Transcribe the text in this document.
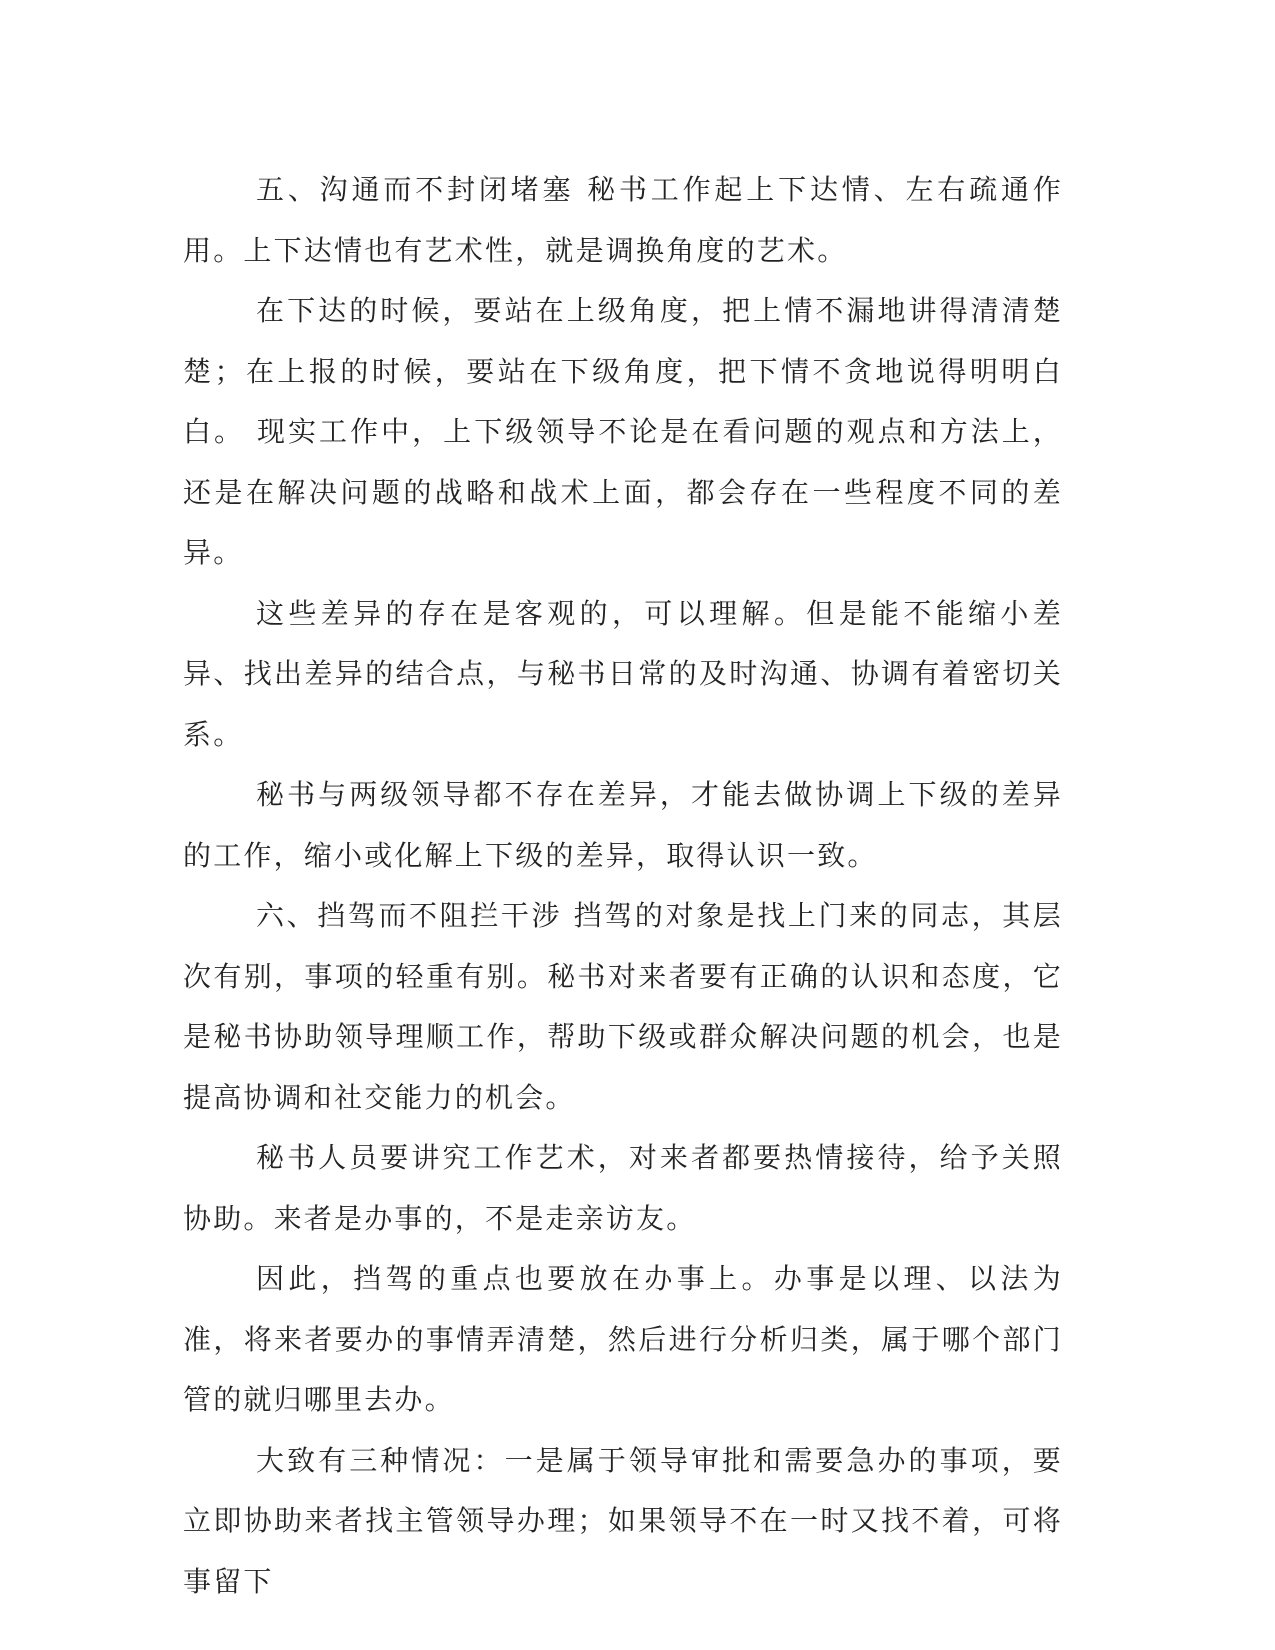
五、沟通而不封闭堵塞 秘书工作起上下达情、左右疏通作用。上下达情也有艺术性，就是调换角度的艺术。

在下达的时候，要站在上级角度，把上情不漏地讲得清清楚楚；在上报的时候，要站在下级角度，把下情不贪地说得明明白白。 现实工作中，上下级领导不论是在看问题的观点和方法上，还是在解决问题的战略和战术上面，都会存在一些程度不同的差异。

这些差异的存在是客观的，可以理解。但是能不能缩小差异、找出差异的结合点，与秘书日常的及时沟通、协调有着密切关系。

秘书与两级领导都不存在差异，才能去做协调上下级的差异的工作，缩小或化解上下级的差异，取得认识一致。

六、挡驾而不阻拦干涉 挡驾的对象是找上门来的同志，其层次有别，事项的轻重有别。秘书对来者要有正确的认识和态度，它是秘书协助领导理顺工作，帮助下级或群众解决问题的机会，也是提高协调和社交能力的机会。

秘书人员要讲究工作艺术，对来者都要热情接待，给予关照协助。来者是办事的，不是走亲访友。

因此，挡驾的重点也要放在办事上。办事是以理、以法为准，将来者要办的事情弄清楚，然后进行分析归类，属于哪个部门管的就归哪里去办。

大致有三种情况：一是属于领导审批和需要急办的事项，要立即协助来者找主管领导办理；如果领导不在一时又找不着，可将事留下
